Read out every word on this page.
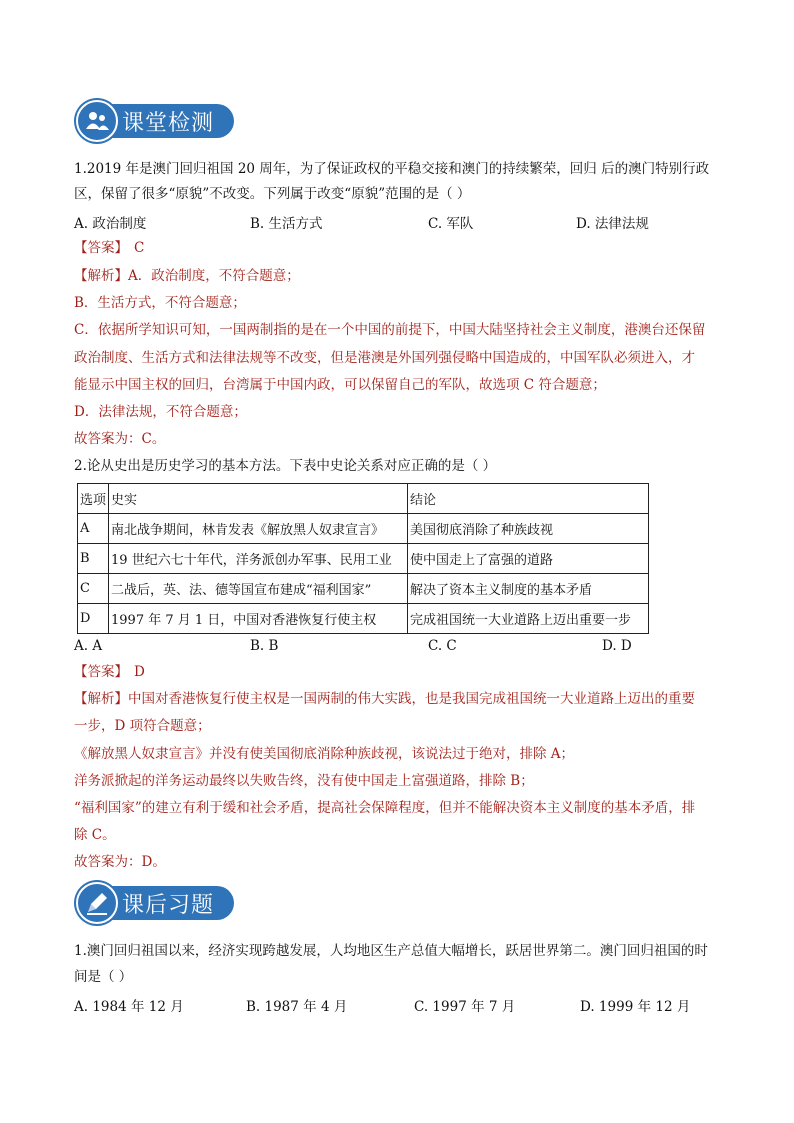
课堂检测
1.2019 年是澳门回归祖国 20 周年，为了保证政权的平稳交接和澳门的持续繁荣，回归 后的澳门特别行政
区，保留了很多“原貌”不改变。下列属于改变“原貌”范围的是（ ）
A. 政治制度	B. 生活方式	C. 军队	D. 法律法规
【答案】 C
【解析】A．政治制度，不符合题意；
B．生活方式，不符合题意；
C．依据所学知识可知，一国两制指的是在一个中国的前提下，中国大陆坚持社会主义制度，港澳台还保留
政治制度、生活方式和法律法规等不改变，但是港澳是外国列强侵略中国造成的，中国军队必须进入，才
能显示中国主权的回归，台湾属于中国内政，可以保留自己的军队，故选项 C 符合题意；
D．法律法规，不符合题意；
故答案为：C。
2.论从史出是历史学习的基本方法。下表中史论关系对应正确的是（ ）
选项	史实	结论
A	南北战争期间，林肯发表《解放黑人奴隶宣言》	美国彻底消除了种族歧视
B	19 世纪六七十年代，洋务派创办军事、民用工业	使中国走上了富强的道路
C	二战后，英、法、德等国宣布建成“福利国家”	解决了资本主义制度的基本矛盾
D	1997 年 7 月 1 日，中国对香港恢复行使主权	完成祖国统一大业道路上迈出重要一步
A. A	B. B	C. C	D. D
【答案】 D
【解析】中国对香港恢复行使主权是一国两制的伟大实践，也是我国完成祖国统一大业道路上迈出的重要
一步，D 项符合题意；
《解放黑人奴隶宣言》并没有使美国彻底消除种族歧视，该说法过于绝对，排除 A；
洋务派掀起的洋务运动最终以失败告终，没有使中国走上富强道路，排除 B；
“福利国家”的建立有利于缓和社会矛盾，提高社会保障程度，但并不能解决资本主义制度的基本矛盾，排
除 C。
故答案为：D。
课后习题
1.澳门回归祖国以来，经济实现跨越发展，人均地区生产总值大幅增长，跃居世界第二。澳门回归祖国的时
间是（ ）
A. 1984 年 12 月	B. 1987 年 4 月	C. 1997 年 7 月	D. 1999 年 12 月
